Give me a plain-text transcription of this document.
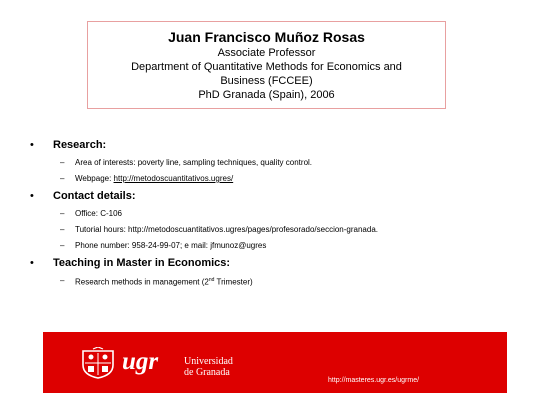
Juan Francisco Muñoz Rosas
Associate Professor
Department of Quantitative Methods for Economics and
Business (FCCEE)
PhD Granada (Spain), 2006
• Research:
– Area of interests: poverty line, sampling techniques, quality control.
– Webpage: http://metodoscuantitativos.ugres/
• Contact details:
– Office: C-106
– Tutorial hours: http://metodoscuantitativos.ugres/pages/profesorado/seccion-granada.
– Phone number: 958-24-99-07; e mail: jfmunoz@ugres
• Teaching in Master in Economics:
– Research methods in management (2nd Trimester)
ugr	Universidad
de Granada
http://masteres.ugr.es/ugrme/
